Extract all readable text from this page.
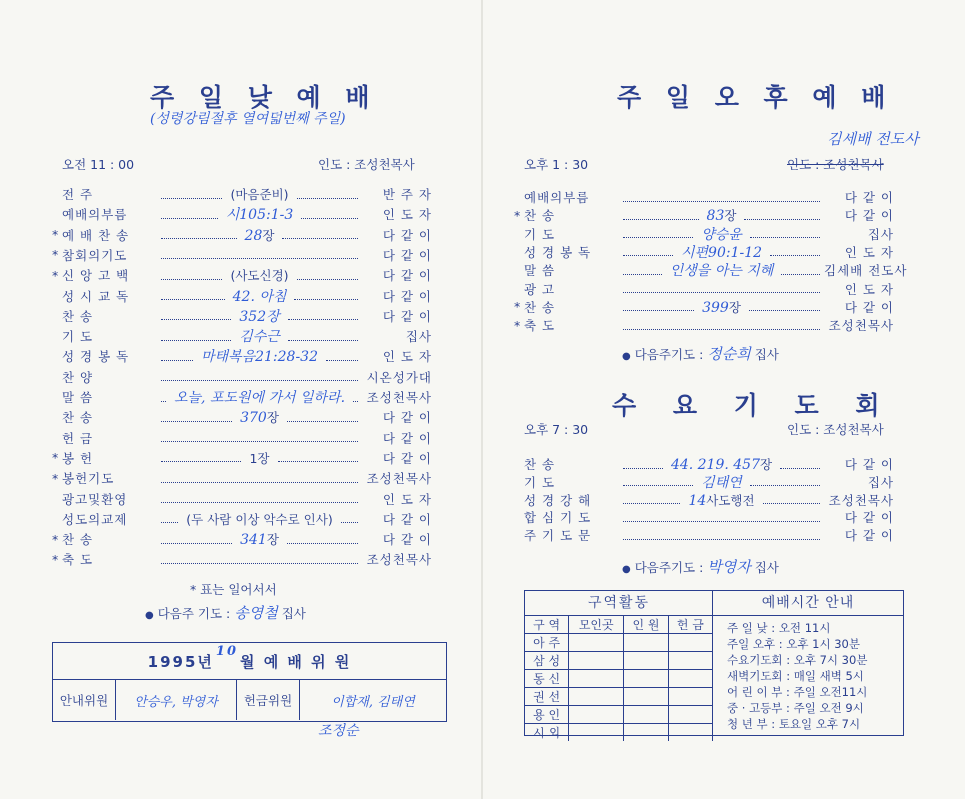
주 일 낮 예 배
(성령강림절후 열여덟번째 주일)
오전 11 : 00	인도 : 조성천목사
전 주	(마음준비)	반 주 자
예배의부름	시105:1-3	인 도 자
* 예 배 찬 송	28장	다 같 이
* 참회의기도	다 같 이
* 신 앙 고 백	(사도신경)	다 같 이
성 시 교 독	42. 아침	다 같 이
찬 송	352장	다 같 이
기 도	김수근	집사
성 경 봉 독	마태복음21:28-32	인 도 자
찬 양	시온성가대
말 씀	오늘, 포도원에 가서 일하라.	조성천목사
찬 송	370장	다 같 이
헌 금	다 같 이
* 봉 헌	1장	다 같 이
* 봉헌기도	조성천목사
광고및환영	인 도 자
성도의교제	(두 사람 이상 악수로 인사)	다 같 이
* 찬 송	341장	다 같 이
* 축 도	조성천목사
* 표는 일어서서
● 다음주 기도 : 송영철 집사
1995년
10
월 예 배 위 원
안내위원	안승우, 박영자	헌금위원	이합재, 김태연
조정순
주 일 오 후 예 배
김세배 전도사
오후 1 : 30	인도 : 조성천목사
예배의부름	다 같 이
* 찬 송	83장	다 같 이
기 도	양승윤	집사
성 경 봉 독	시편90:1-12	인 도 자
말 씀	인생을 아는 지혜	김세배 전도사
광 고	인 도 자
* 찬 송	399장	다 같 이
* 축 도	조성천목사
● 다음주기도 : 정순희 집사
수 요 기 도 회
오후 7 : 30	인도 : 조성천목사
찬 송	44. 219. 457장	다 같 이
기 도	김태연	집사
성 경 강 해	14사도행전	조성천목사
합 심 기 도	다 같 이
주 기 도 문	다 같 이
● 다음주기도 : 박영자 집사
구역활동
구 역	모인곳	인 원	헌 금
아 주			
삼 성			
동 신			
권 선			
용 인			
시 외			
예배시간 안내
주 일 낮 : 오전 11시
주일 오후 : 오후 1시 30분
수요기도회 : 오후 7시 30분
새벽기도회 : 매일 새벽 5시
어 린 이 부 : 주일 오전11시
중 · 고등부 : 주일 오전 9시
청 년 부 : 토요일 오후 7시
